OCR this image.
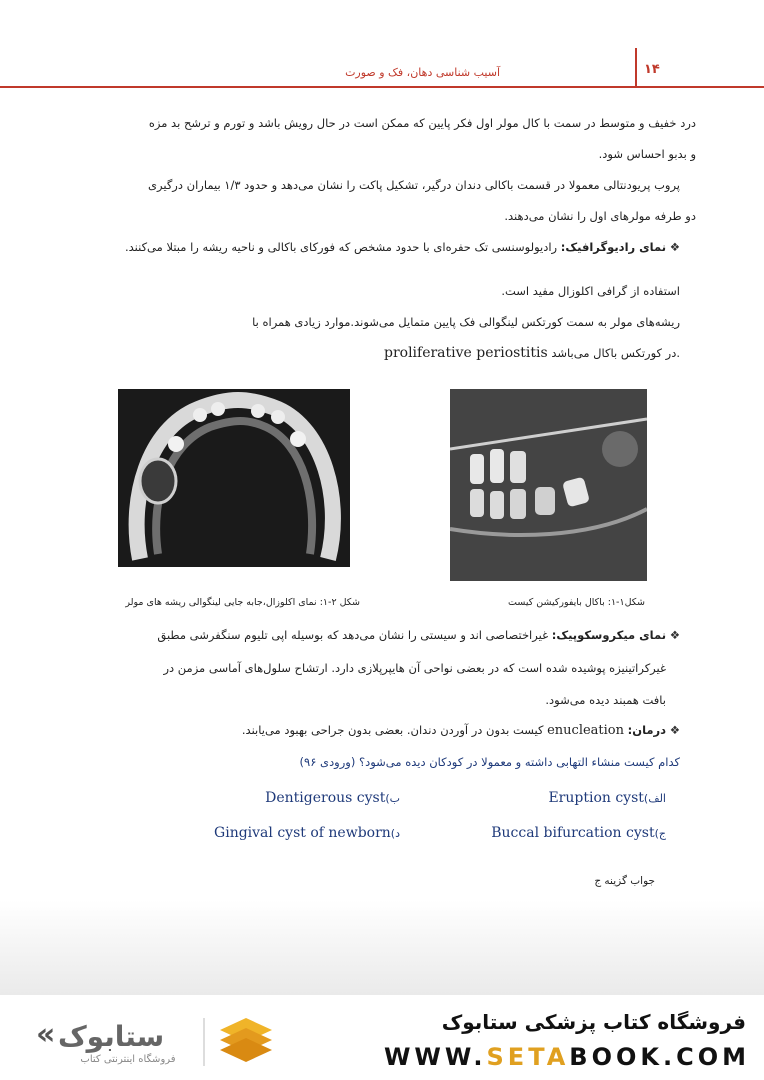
آسیب شناسی دهان، فک و صورت	۱۴
درد خفیف و متوسط در سمت با کال مولر اول فکر پایین که ممکن است در حال رویش باشد و تورم و ترشح بد مزه
و بدبو احساس شود.
پروب پریودنتالی معمولا در قسمت باکالی دندان درگیر، تشکیل پاکت را نشان می‌دهد و حدود ۱/۳ بیماران درگیری
دو طرفه مولرهای اول را نشان می‌دهند.
❖ نمای رادیوگرافیک: رادیولوسنسی تک حفره‌ای با حدود مشخص که فورکای باکالی و ناحیه ریشه را مبتلا می‌کنند.
استفاده از گرافی اکلوزال مفید است.
ریشه‌های مولر به سمت کورتکس لینگوالی فک پایین متمایل می‌شوند.موارد زیادی همراه با
proliferative periostitis در کورتکس باکال می‌باشد.
شکل ۲-۱: نمای اکلوزال،جابه جایی لینگوالی ریشه های مولر	شکل۱-۱: باکال بایفورکیشن کیست
❖ نمای میکروسکوپیک: غیراختصاصی اند و سیستی را نشان می‌دهد که بوسیله اپی تلیوم سنگفرشی مطبق
غیرکراتینیزه پوشیده شده است که در بعضی نواحی آن هایپرپلازی دارد. ارتشاح سلول‌های آماسی مزمن در
بافت همبند دیده می‌شود.
❖ درمان: enucleation کیست بدون در آوردن دندان. بعضی بدون جراحی بهبود می‌یابند.
کدام کیست منشاء التهابی داشته و معمولا در کودکان دیده می‌شود؟ (ورودی ۹۶)
الف)Eruption cyst
ب)Dentigerous cyst
ج)Buccal bifurcation cyst
د)Gingival cyst of newborn
جواب گزینه ج
« ستابوک
فروشگاه اینترنتی کتاب
فروشگاه کتاب پزشکی ستابوک
WWW.SETABOOK.COM
